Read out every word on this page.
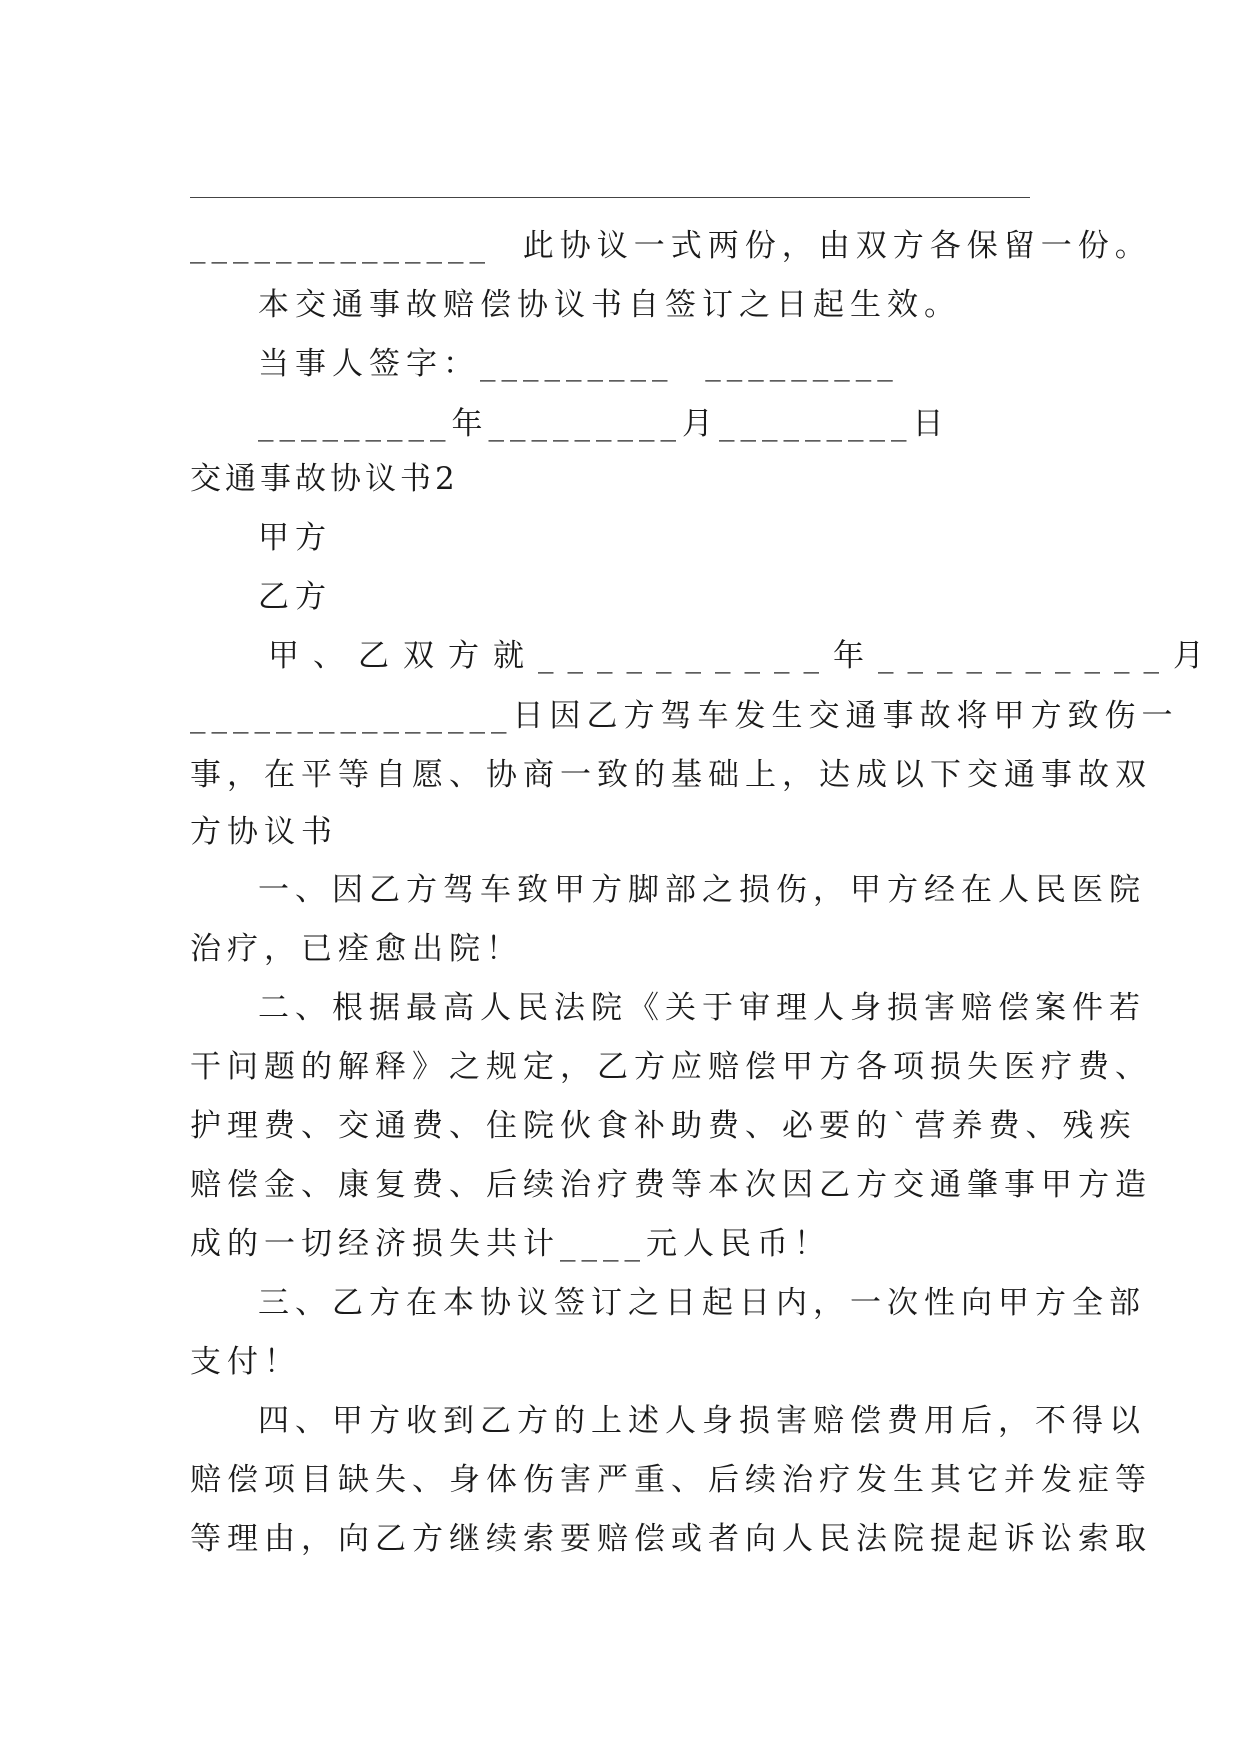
______________  此协议一式两份，由双方各保留一份。
本交通事故赔偿协议书自签订之日起生效。
当事人签字：_________  _________
_________年_________月_________日
交通事故协议书2
甲方
乙方
甲、乙双方就__________年__________月
_______________日因乙方驾车发生交通事故将甲方致伤一
事，在平等自愿、协商一致的基础上，达成以下交通事故双
方协议书
一、因乙方驾车致甲方脚部之损伤，甲方经在人民医院
治疗，已痊愈出院！
二、根据最高人民法院《关于审理人身损害赔偿案件若
干问题的解释》之规定，乙方应赔偿甲方各项损失医疗费、
护理费、交通费、住院伙食补助费、必要的`营养费、残疾
赔偿金、康复费、后续治疗费等本次因乙方交通肇事甲方造
成的一切经济损失共计____元人民币！
三、乙方在本协议签订之日起日内，一次性向甲方全部
支付！
四、甲方收到乙方的上述人身损害赔偿费用后，不得以
赔偿项目缺失、身体伤害严重、后续治疗发生其它并发症等
等理由，向乙方继续索要赔偿或者向人民法院提起诉讼索取
